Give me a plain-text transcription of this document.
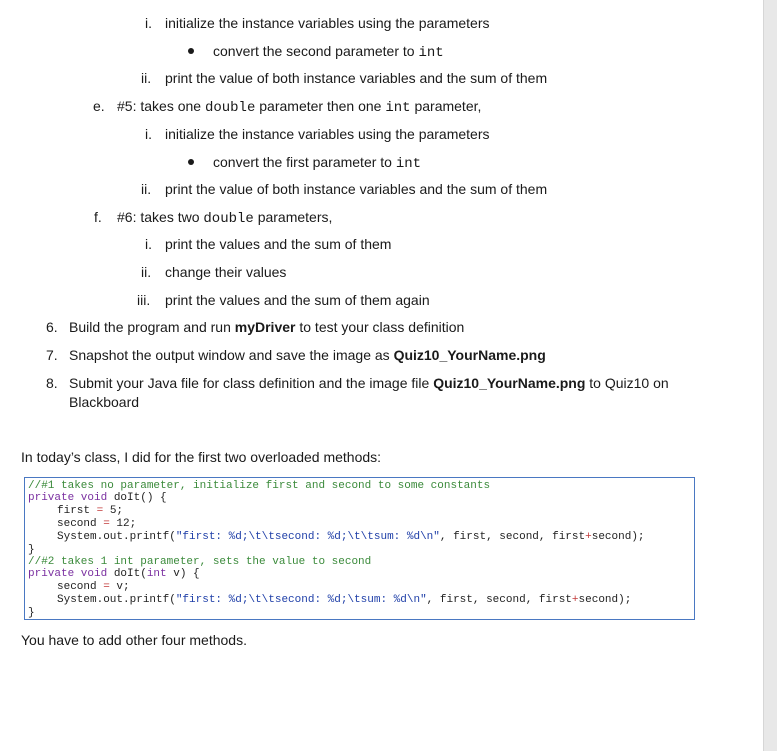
i. initialize the instance variables using the parameters
convert the second parameter to int
ii. print the value of both instance variables and the sum of them
e. #5: takes one double parameter then one int parameter,
i. initialize the instance variables using the parameters
convert the first parameter to int
ii. print the value of both instance variables and the sum of them
f. #6: takes two double parameters,
i. print the values and the sum of them
ii. change their values
iii. print the values and the sum of them again
6. Build the program and run myDriver to test your class definition
7. Snapshot the output window and save the image as Quiz10_YourName.png
8. Submit your Java file for class definition and the image file Quiz10_YourName.png to Quiz10 on
Blackboard
In today’s class, I did for the first two overloaded methods:
//#1 takes no parameter, initialize first and second to some constants
private void doIt() {
first = 5;
second = 12;
System.out.printf("first: %d;\t\tsecond: %d;\t\tsum: %d\n", first, second, first+second);
}
//#2 takes 1 int parameter, sets the value to second
private void doIt(int v) {
second = v;
System.out.printf("first: %d;\t\tsecond: %d;\tsum: %d\n", first, second, first+second);
}
You have to add other four methods.
